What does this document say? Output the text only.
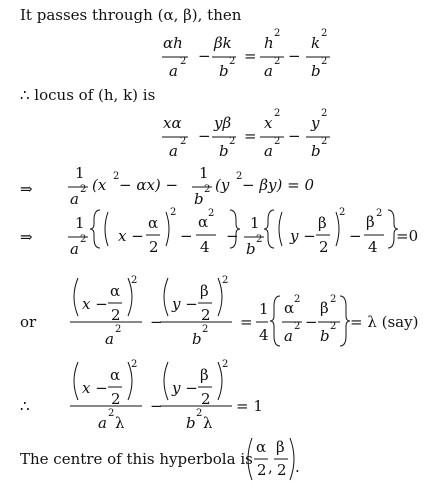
It passes through (α, β), then
αh
a
2 −
βk
b
2 =
h
2
a
2 −
k
2
b
2
∴ locus of (h, k) is
xα
a
2 −
yβ
b
2 =
x
2
a
2 −
y
2
b
2
⇒
1
a
2 (x 2 − αx) −
1
b
2 (y 2 − βy) = 0
⇒
1
a
2 x −
α
2
2
−
α 2
4
−
1
b
2 y −
β
2
2
−
β 2
4
=0
or
x −
α
2
2
a
2 −
y −
β
2
2
b
2 =
1
4
α 2
a
2 −
β 2
b
2 = λ (say)
∴
x −
α
2
2
a
2
λ
−
y −
β
2
2
b
2
λ
= 1
The centre of this hyperbola is
α
2 ,
β
2 .
